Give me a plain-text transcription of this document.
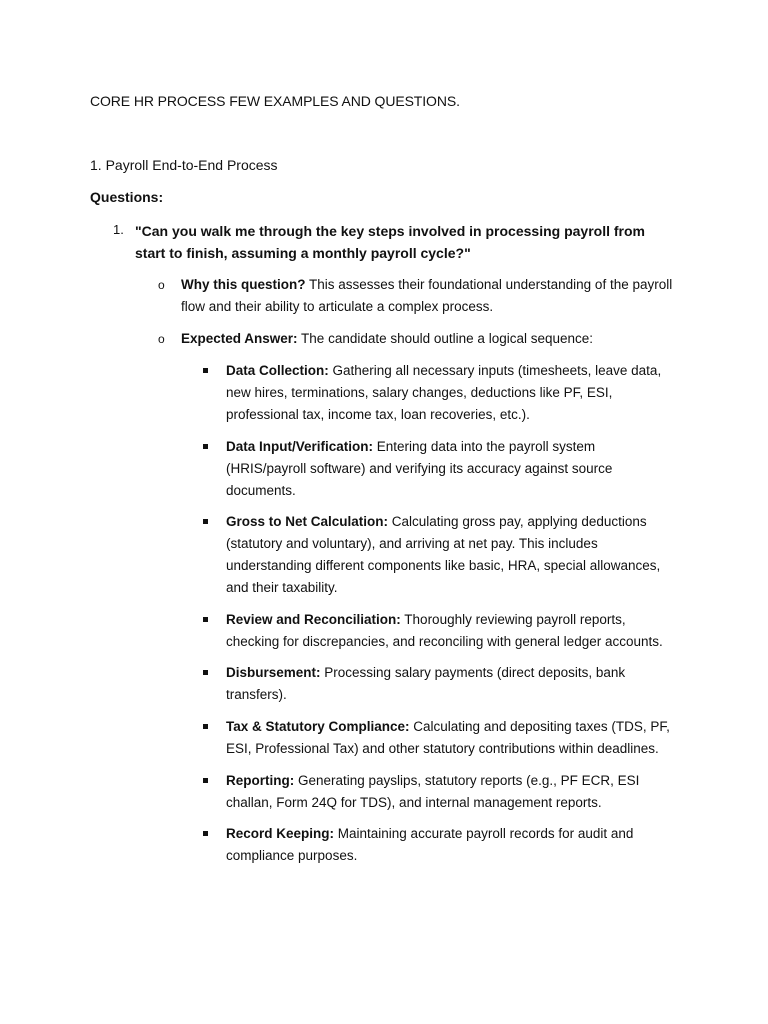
CORE HR PROCESS FEW EXAMPLES AND QUESTIONS.
1. Payroll End-to-End Process
Questions:
1. "Can you walk me through the key steps involved in processing payroll from start to finish, assuming a monthly payroll cycle?"
o Why this question? This assesses their foundational understanding of the payroll flow and their ability to articulate a complex process.
o Expected Answer: The candidate should outline a logical sequence:
Data Collection: Gathering all necessary inputs (timesheets, leave data, new hires, terminations, salary changes, deductions like PF, ESI, professional tax, income tax, loan recoveries, etc.).
Data Input/Verification: Entering data into the payroll system (HRIS/payroll software) and verifying its accuracy against source documents.
Gross to Net Calculation: Calculating gross pay, applying deductions (statutory and voluntary), and arriving at net pay. This includes understanding different components like basic, HRA, special allowances, and their taxability.
Review and Reconciliation: Thoroughly reviewing payroll reports, checking for discrepancies, and reconciling with general ledger accounts.
Disbursement: Processing salary payments (direct deposits, bank transfers).
Tax & Statutory Compliance: Calculating and depositing taxes (TDS, PF, ESI, Professional Tax) and other statutory contributions within deadlines.
Reporting: Generating payslips, statutory reports (e.g., PF ECR, ESI challan, Form 24Q for TDS), and internal management reports.
Record Keeping: Maintaining accurate payroll records for audit and compliance purposes.
